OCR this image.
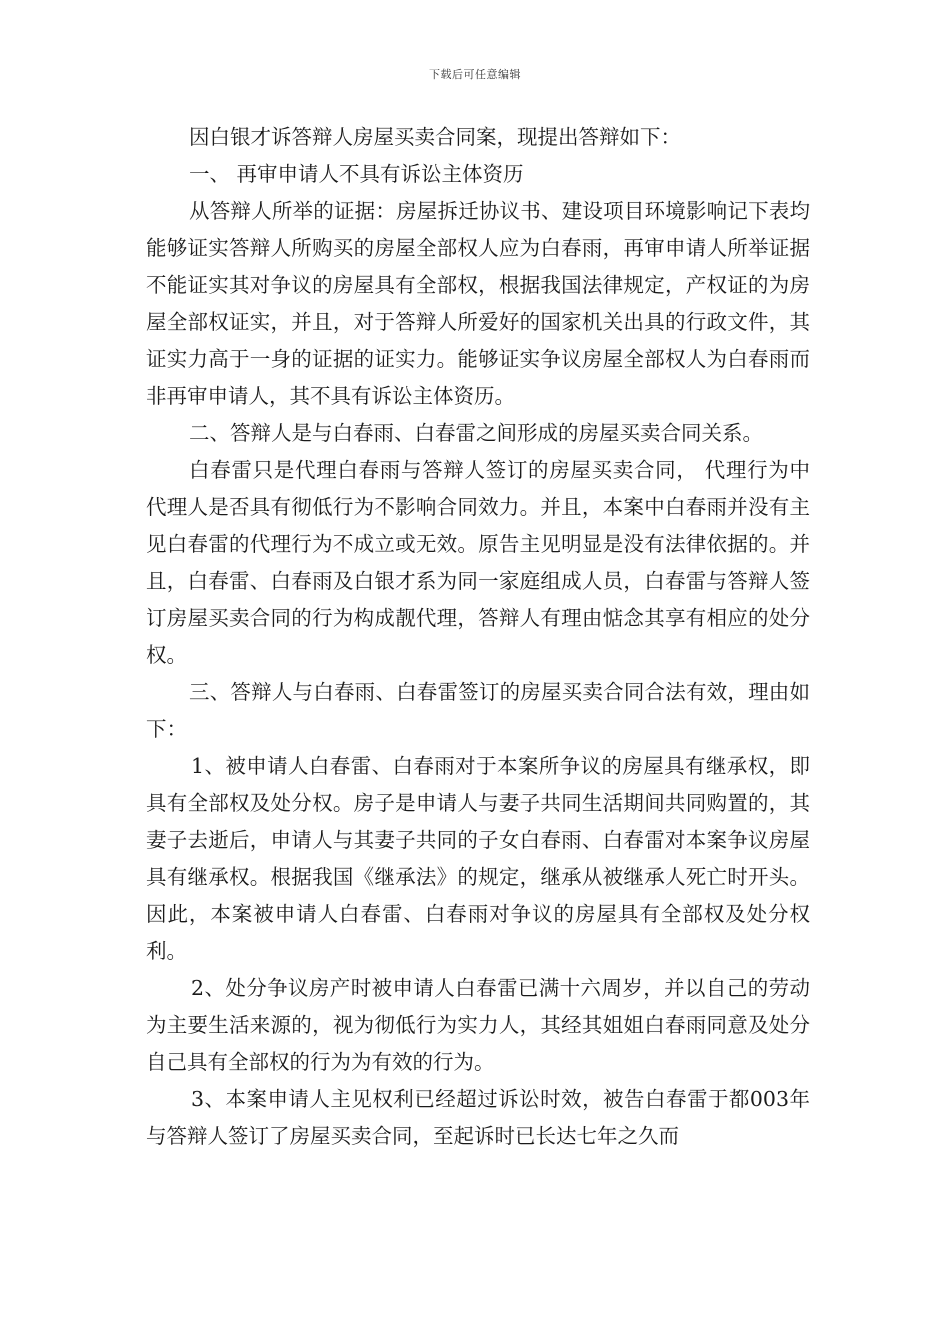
下载后可任意编辑

因白银才诉答辩人房屋买卖合同案，现提出答辩如下：

一、 再审申请人不具有诉讼主体资历

从答辩人所举的证据：房屋拆迁协议书、建设项目环境影响记下表均能够证实答辩人所购买的房屋全部权人应为白春雨，再审申请人所举证据不能证实其对争议的房屋具有全部权，根据我国法律规定，产权证的为房屋全部权证实，并且，对于答辩人所爱好的国家机关出具的行政文件，其证实力高于一身的证据的证实力。能够证实争议房屋全部权人为白春雨而非再审申请人，其不具有诉讼主体资历。

二、答辩人是与白春雨、白春雷之间形成的房屋买卖合同关系。

白春雷只是代理白春雨与答辩人签订的房屋买卖合同， 代理行为中代理人是否具有彻低行为不影响合同效力。并且，本案中白春雨并没有主见白春雷的代理行为不成立或无效。原告主见明显是没有法律依据的。并且，白春雷、白春雨及白银才系为同一家庭组成人员，白春雷与答辩人签订房屋买卖合同的行为构成靓代理，答辩人有理由惦念其享有相应的处分权。

三、答辩人与白春雨、白春雷签订的房屋买卖合同合法有效，理由如下：

1、被申请人白春雷、白春雨对于本案所争议的房屋具有继承权，即具有全部权及处分权。房子是申请人与妻子共同生活期间共同购置的，其妻子去逝后，申请人与其妻子共同的子女白春雨、白春雷对本案争议房屋具有继承权。根据我国《继承法》的规定，继承从被继承人死亡时开头。因此，本案被申请人白春雷、白春雨对争议的房屋具有全部权及处分权利。

2、处分争议房产时被申请人白春雷已满十六周岁，并以自己的劳动为主要生活来源的，视为彻低行为实力人，其经其姐姐白春雨同意及处分自己具有全部权的行为为有效的行为。

3、本案申请人主见权利已经超过诉讼时效，被告白春雷于都003年与答辩人签订了房屋买卖合同，至起诉时已长达七年之久而
